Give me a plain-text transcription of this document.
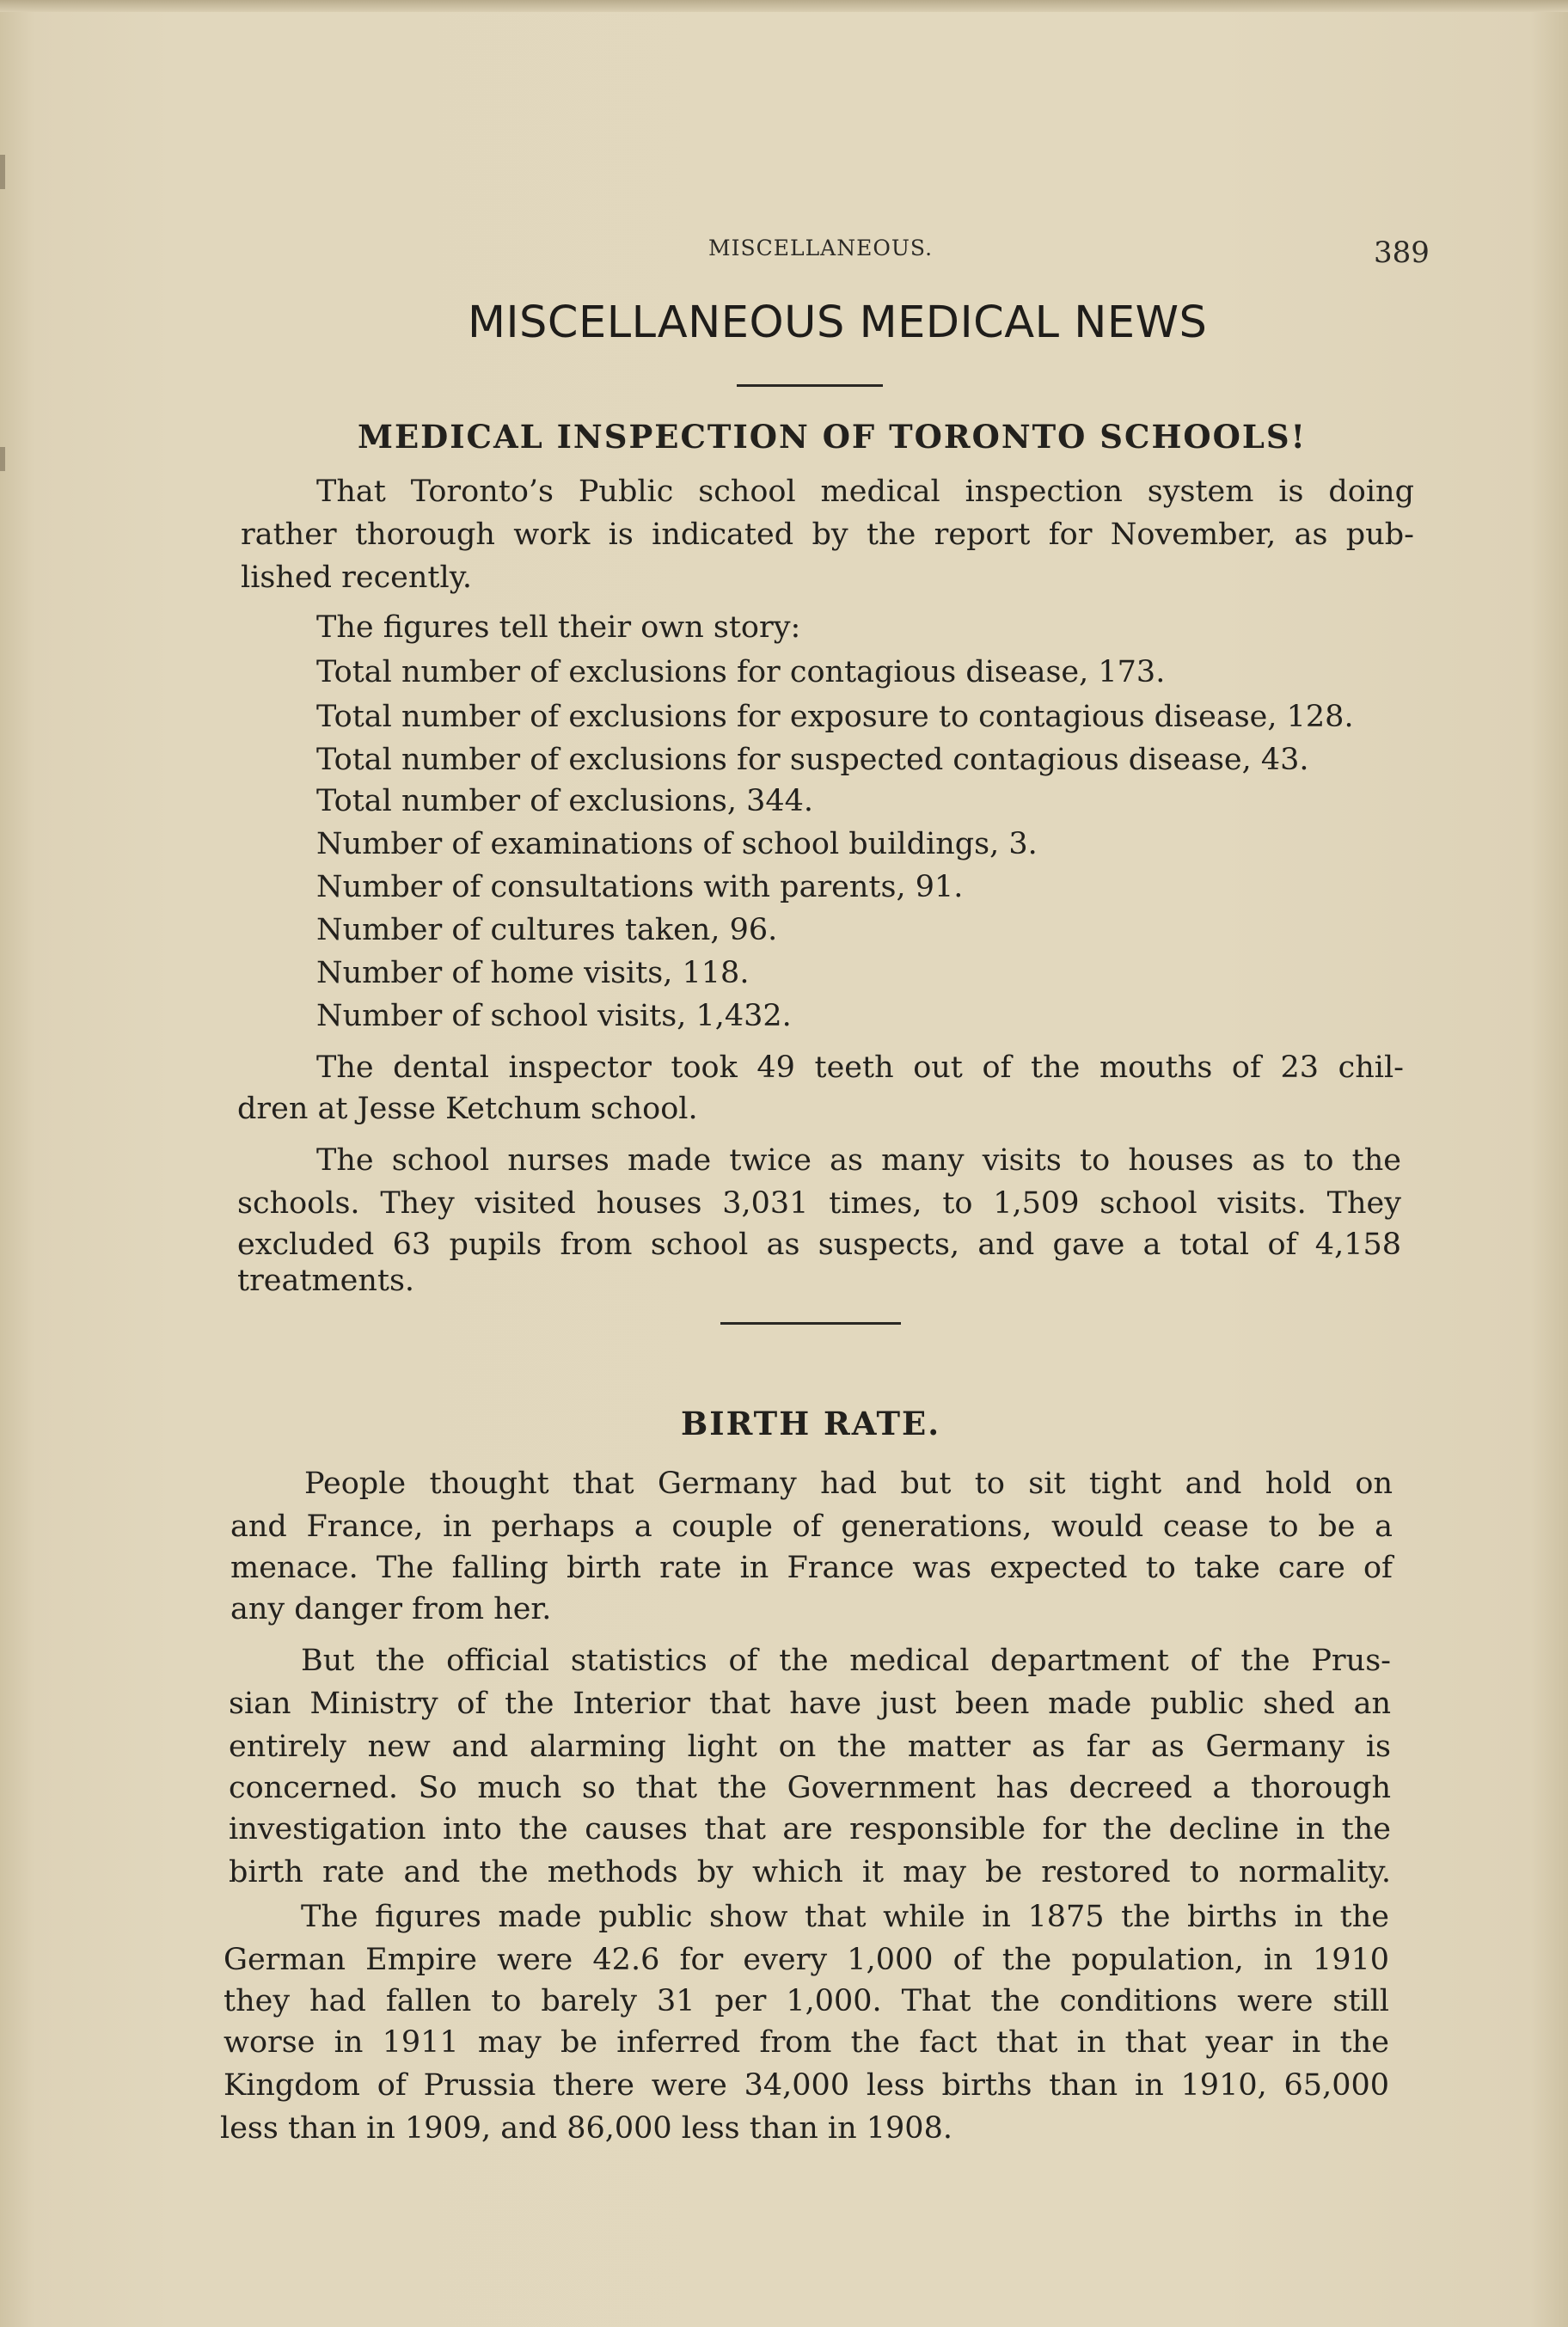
MISCELLANEOUS.	389
MISCELLANEOUS MEDICAL NEWS
MEDICAL INSPECTION OF TORONTO SCHOOLS!
That Toronto’s Public school medical inspection system is doing
rather thorough work is indicated by the report for November, as pub-
lished recently.
The figures tell their own story:
Total number of exclusions for contagious disease, 173.
Total number of exclusions for exposure to contagious disease, 128.
Total number of exclusions for suspected contagious disease, 43.
Total number of exclusions, 344.
Number of examinations of school buildings, 3.
Number of consultations with parents, 91.
Number of cultures taken, 96.
Number of home visits, 118.
Number of school visits, 1,432.
The dental inspector took 49 teeth out of the mouths of 23 chil-
dren at Jesse Ketchum school.
The school nurses made twice as many visits to houses as to the
schools. They visited houses 3,031 times, to 1,509 school visits. They
excluded 63 pupils from school as suspects, and gave a total of 4,158
treatments.
BIRTH RATE.
People thought that Germany had but to sit tight and hold on
and France, in perhaps a couple of generations, would cease to be a
menace. The falling birth rate in France was expected to take care of
any danger from her.
But the official statistics of the medical department of the Prus-
sian Ministry of the Interior that have just been made public shed an
entirely new and alarming light on the matter as far as Germany is
concerned. So much so that the Government has decreed a thorough
investigation into the causes that are responsible for the decline in the
birth rate and the methods by which it may be restored to normality.
The figures made public show that while in 1875 the births in the
German Empire were 42.6 for every 1,000 of the population, in 1910
they had fallen to barely 31 per 1,000. That the conditions were still
worse in 1911 may be inferred from the fact that in that year in the
Kingdom of Prussia there were 34,000 less births than in 1910, 65,000
less than in 1909, and 86,000 less than in 1908.
